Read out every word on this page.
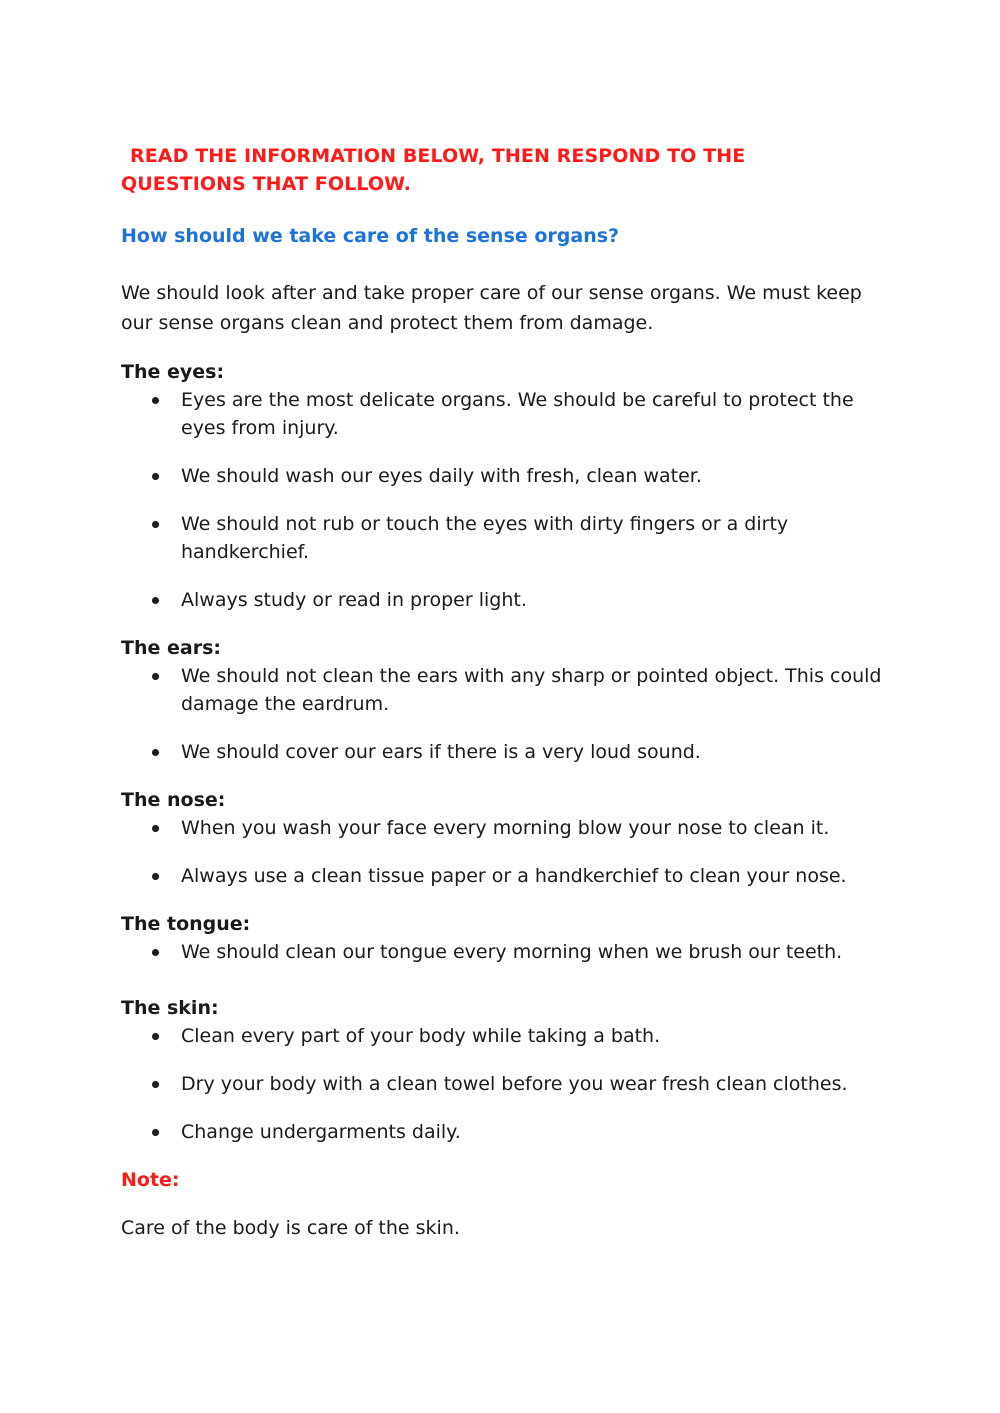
READ THE INFORMATION BELOW, THEN RESPOND TO THE
QUESTIONS THAT FOLLOW.

How should we take care of the sense organs?

We should look after and take proper care of our sense organs. We must keep
our sense organs clean and protect them from damage.

The eyes:

Eyes are the most delicate organs. We should be careful to protect the
eyes from injury.
We should wash our eyes daily with fresh, clean water.
We should not rub or touch the eyes with dirty fingers or a dirty
handkerchief.
Always study or read in proper light.

The ears:

We should not clean the ears with any sharp or pointed object. This could
damage the eardrum.
We should cover our ears if there is a very loud sound.

The nose:

When you wash your face every morning blow your nose to clean it.
Always use a clean tissue paper or a handkerchief to clean your nose.

The tongue:

We should clean our tongue every morning when we brush our teeth.

The skin:

Clean every part of your body while taking a bath.
Dry your body with a clean towel before you wear fresh clean clothes.
Change undergarments daily.

Note:

Care of the body is care of the skin.
